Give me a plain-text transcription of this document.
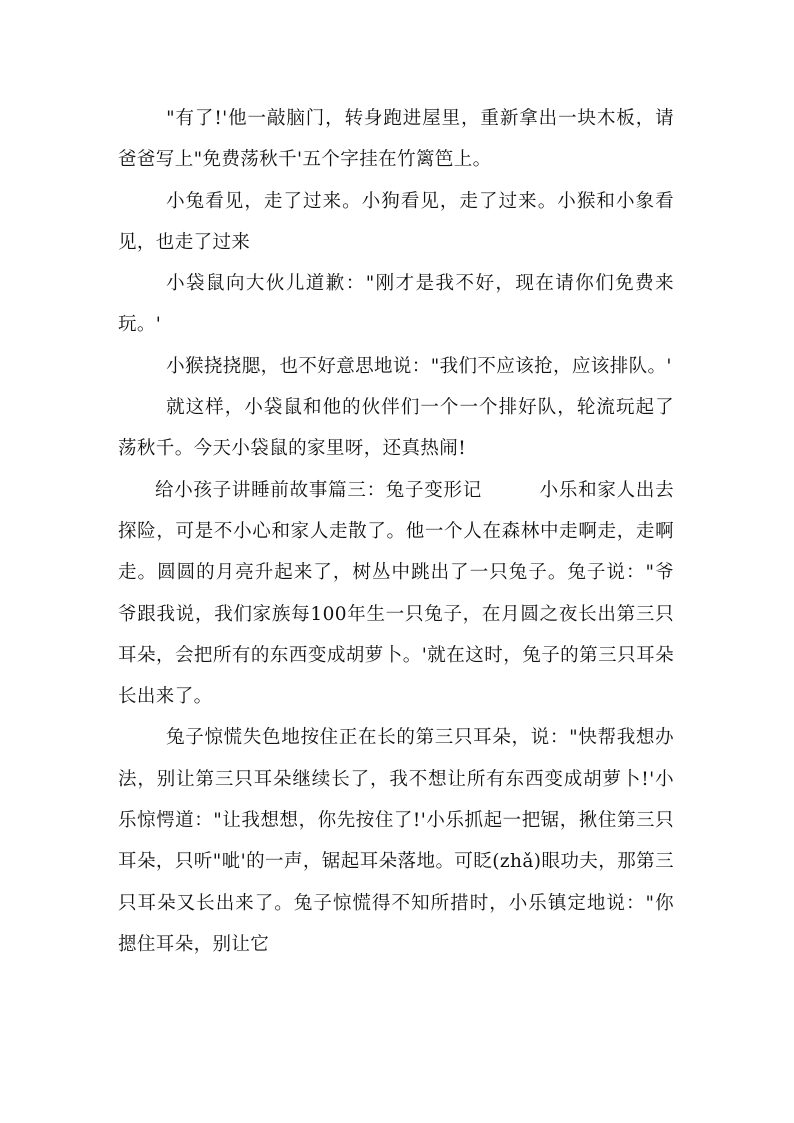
"有了!'他一敲脑门，转身跑进屋里，重新拿出一块木板，请爸爸写上"免费荡秋千'五个字挂在竹篱笆上。

小兔看见，走了过来。小狗看见，走了过来。小猴和小象看见，也走了过来

小袋鼠向大伙儿道歉："刚才是我不好，现在请你们免费来玩。'

小猴挠挠腮，也不好意思地说："我们不应该抢，应该排队。'

就这样，小袋鼠和他的伙伴们一个一个排好队，轮流玩起了荡秋千。今天小袋鼠的家里呀，还真热闹!

给小孩子讲睡前故事篇三：兔子变形记　　　小乐和家人出去探险，可是不小心和家人走散了。他一个人在森林中走啊走，走啊走。圆圆的月亮升起来了，树丛中跳出了一只兔子。兔子说："爷爷跟我说，我们家族每100年生一只兔子，在月圆之夜长出第三只耳朵，会把所有的东西变成胡萝卜。'就在这时，兔子的第三只耳朵长出来了。

兔子惊慌失色地按住正在长的第三只耳朵，说："快帮我想办法，别让第三只耳朵继续长了，我不想让所有东西变成胡萝卜!'小乐惊愕道："让我想想，你先按住了!'小乐抓起一把锯，揪住第三只耳朵，只听"呲'的一声，锯起耳朵落地。可眨(zhǎ)眼功夫，那第三只耳朵又长出来了。兔子惊慌得不知所措时，小乐镇定地说："你摁住耳朵，别让它
